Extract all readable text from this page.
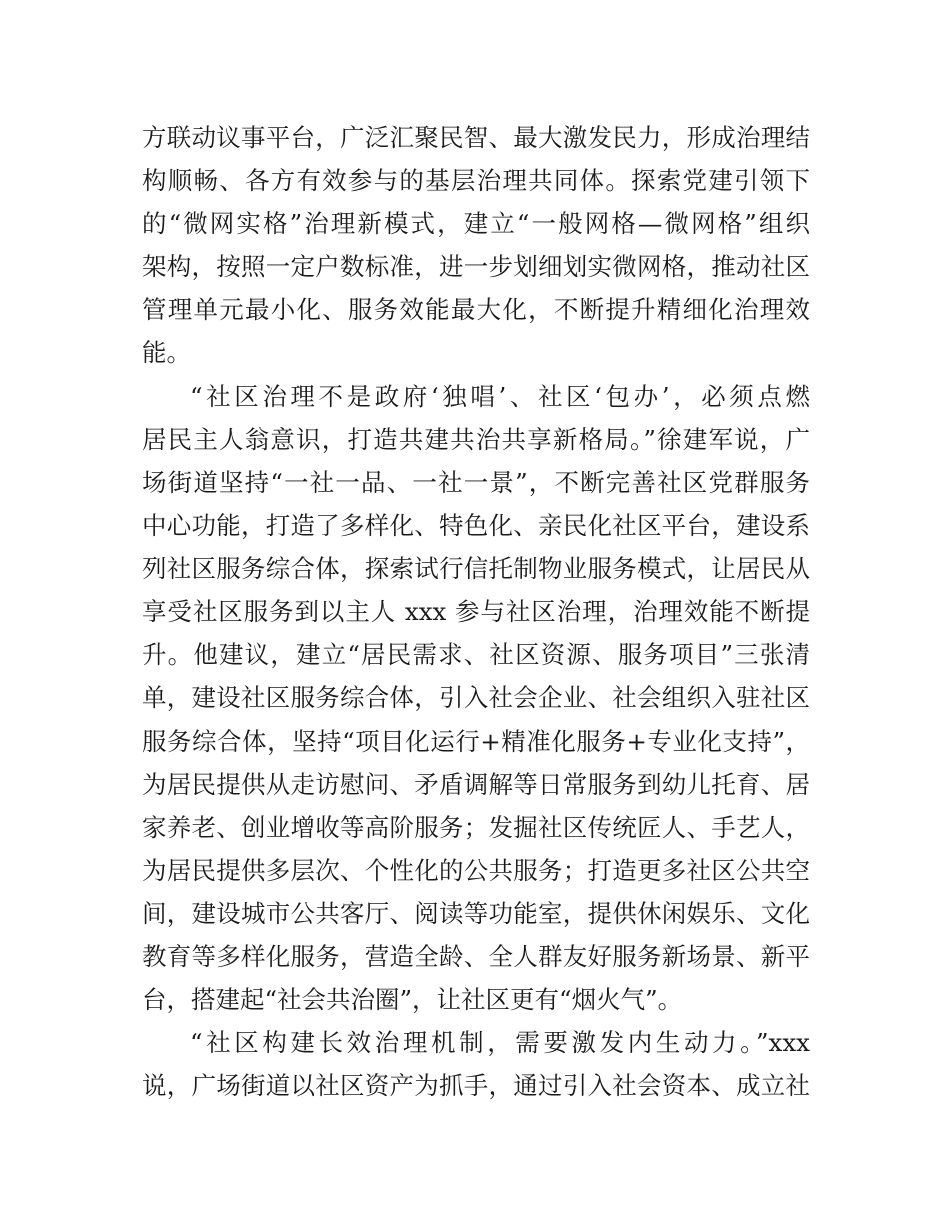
方联动议事平台，广泛汇聚民智、最大激发民力，形成治理结
构顺畅、各方有效参与的基层治理共同体。探索党建引领下
的“微网实格”治理新模式，建立“一般网格—微网格”组织
架构，按照一定户数标准，进一步划细划实微网格，推动社区
管理单元最小化、服务效能最大化，不断提升精细化治理效
能。
“社区治理不是政府‘独唱’、社区‘包办’，必须点燃
居民主人翁意识，打造共建共治共享新格局。”徐建军说，广
场街道坚持“一社一品、一社一景”，不断完善社区党群服务
中心功能，打造了多样化、特色化、亲民化社区平台，建设系
列社区服务综合体，探索试行信托制物业服务模式，让居民从
享受社区服务到以主人 xxx 参与社区治理，治理效能不断提
升。他建议，建立“居民需求、社区资源、服务项目”三张清
单，建设社区服务综合体，引入社会企业、社会组织入驻社区
服务综合体，坚持“项目化运行+精准化服务+专业化支持”，
为居民提供从走访慰问、矛盾调解等日常服务到幼儿托育、居
家养老、创业增收等高阶服务；发掘社区传统匠人、手艺人，
为居民提供多层次、个性化的公共服务；打造更多社区公共空
间，建设城市公共客厅、阅读等功能室，提供休闲娱乐、文化
教育等多样化服务，营造全龄、全人群友好服务新场景、新平
台，搭建起“社会共治圈”，让社区更有“烟火气”。
“社区构建长效治理机制，需要激发内生动力。”xxx
说，广场街道以社区资产为抓手，通过引入社会资本、成立社
